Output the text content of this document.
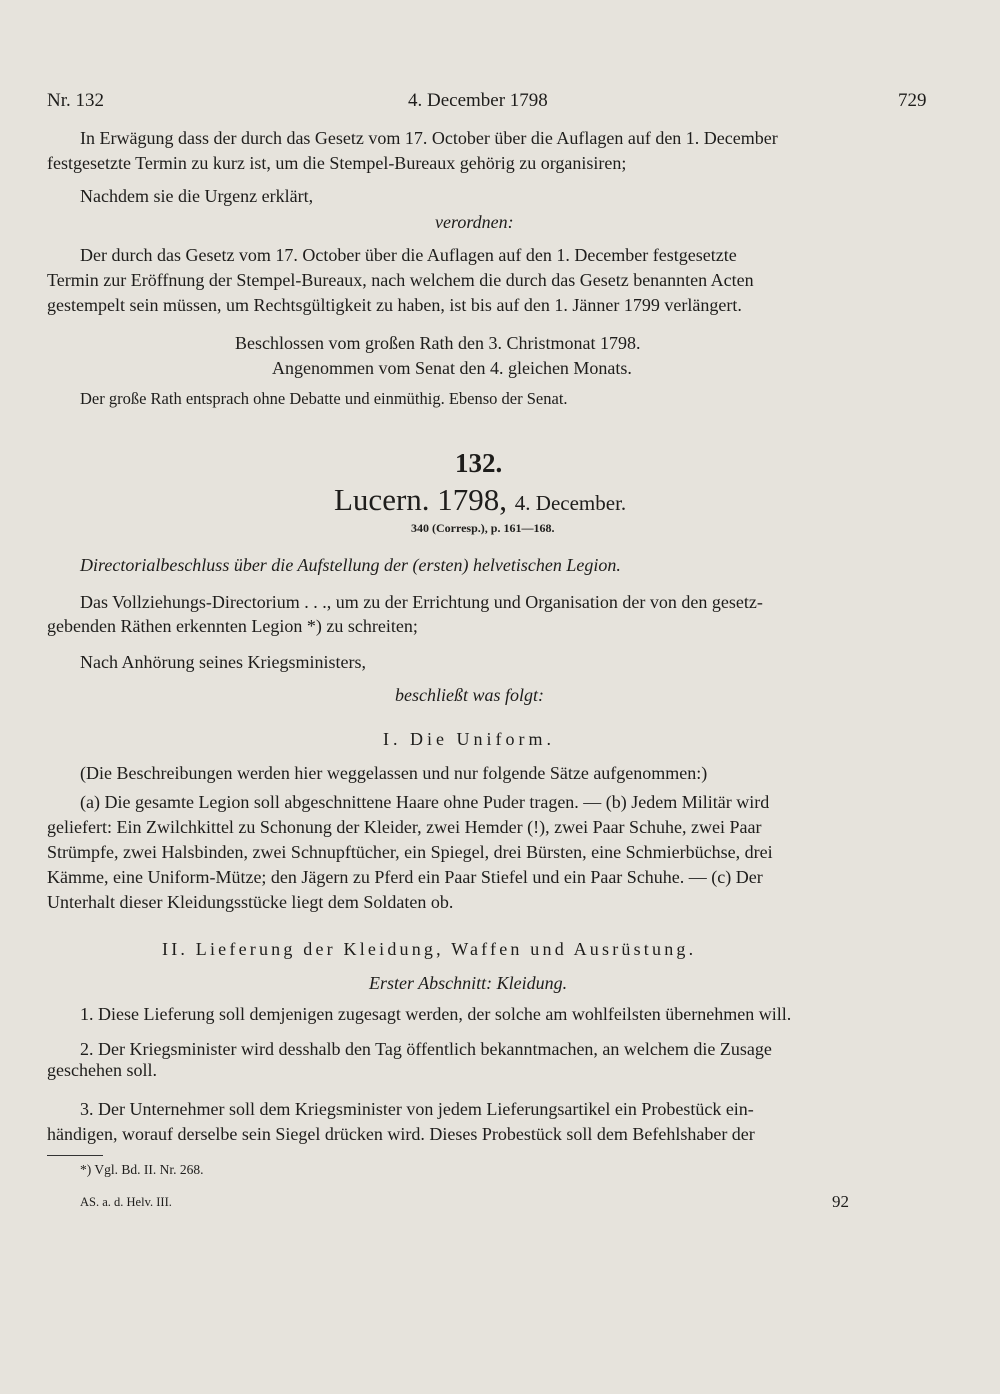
Nr. 132	4. December 1798	729
In Erwägung dass der durch das Gesetz vom 17. October über die Auflagen auf den 1. December
festgesetzte Termin zu kurz ist, um die Stempel-Bureaux gehörig zu organisiren;
Nachdem sie die Urgenz erklärt,
verordnen:
Der durch das Gesetz vom 17. October über die Auflagen auf den 1. December festgesetzte
Termin zur Eröffnung der Stempel-Bureaux, nach welchem die durch das Gesetz benannten Acten
gestempelt sein müssen, um Rechtsgültigkeit zu haben, ist bis auf den 1. Jänner 1799 verlängert.
Beschlossen vom großen Rath den 3. Christmonat 1798.
Angenommen vom Senat den 4. gleichen Monats.
Der große Rath entsprach ohne Debatte und einmüthig. Ebenso der Senat.
132.
Lucern. 1798, 4. December.
340 (Corresp.), p. 161—168.
Directorialbeschluss über die Aufstellung der (ersten) helvetischen Legion.
Das Vollziehungs-Directorium . . ., um zu der Errichtung und Organisation der von den gesetz-
gebenden Räthen erkennten Legion *) zu schreiten;
Nach Anhörung seines Kriegsministers,
beschließt was folgt:
I. Die Uniform.
(Die Beschreibungen werden hier weggelassen und nur folgende Sätze aufgenommen:)
(a) Die gesamte Legion soll abgeschnittene Haare ohne Puder tragen. — (b) Jedem Militär wird
geliefert: Ein Zwilchkittel zu Schonung der Kleider, zwei Hemder (!), zwei Paar Schuhe, zwei Paar
Strümpfe, zwei Halsbinden, zwei Schnupftücher, ein Spiegel, drei Bürsten, eine Schmierbüchse, drei
Kämme, eine Uniform-Mütze; den Jägern zu Pferd ein Paar Stiefel und ein Paar Schuhe. — (c) Der
Unterhalt dieser Kleidungsstücke liegt dem Soldaten ob.
II. Lieferung der Kleidung, Waffen und Ausrüstung.
Erster Abschnitt: Kleidung.
1. Diese Lieferung soll demjenigen zugesagt werden, der solche am wohlfeilsten übernehmen will.
2. Der Kriegsminister wird desshalb den Tag öffentlich bekanntmachen, an welchem die Zusage
geschehen soll.
3. Der Unternehmer soll dem Kriegsminister von jedem Lieferungsartikel ein Probestück ein-
händigen, worauf derselbe sein Siegel drücken wird. Dieses Probestück soll dem Befehlshaber der
*) Vgl. Bd. II. Nr. 268.
AS. a. d. Helv. III.	92
